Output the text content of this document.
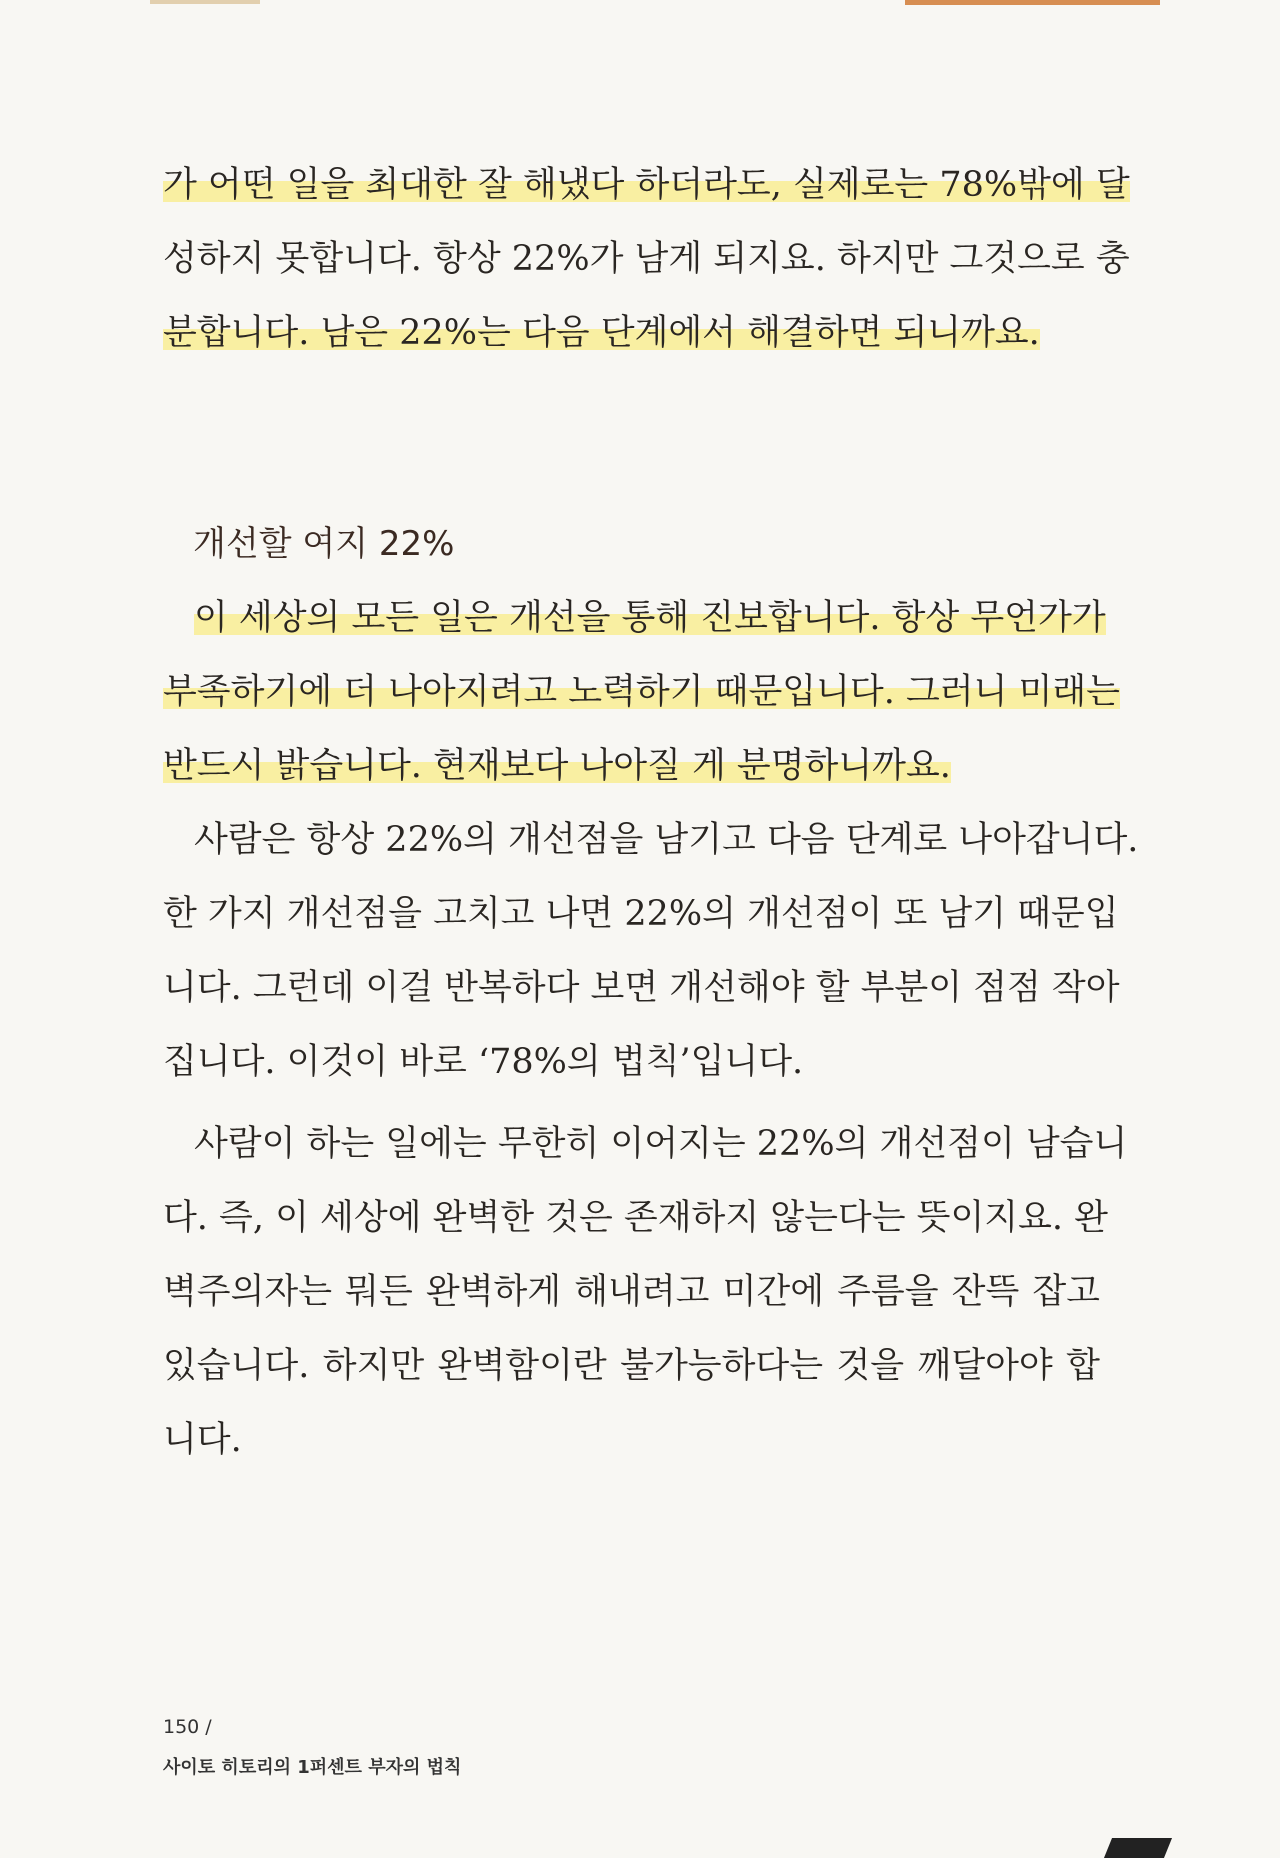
가 어떤 일을 최대한 잘 해냈다 하더라도, 실제로는 78%밖에 달
성하지 못합니다. 항상 22%가 남게 되지요. 하지만 그것으로 충
분합니다. 남은 22%는 다음 단계에서 해결하면 되니까요.
개선할 여지 22%
이 세상의 모든 일은 개선을 통해 진보합니다. 항상 무언가가
부족하기에 더 나아지려고 노력하기 때문입니다. 그러니 미래는
반드시 밝습니다. 현재보다 나아질 게 분명하니까요.
사람은 항상 22%의 개선점을 남기고 다음 단계로 나아갑니다.
한 가지 개선점을 고치고 나면 22%의 개선점이 또 남기 때문입
니다. 그런데 이걸 반복하다 보면 개선해야 할 부분이 점점 작아
집니다. 이것이 바로 ‘78%의 법칙’입니다.
사람이 하는 일에는 무한히 이어지는 22%의 개선점이 남습니
다. 즉, 이 세상에 완벽한 것은 존재하지 않는다는 뜻이지요. 완
벽주의자는 뭐든 완벽하게 해내려고 미간에 주름을 잔뜩 잡고
있습니다. 하지만 완벽함이란 불가능하다는 것을 깨달아야 합
니다.
150 /
사이토 히토리의 1퍼센트 부자의 법칙
